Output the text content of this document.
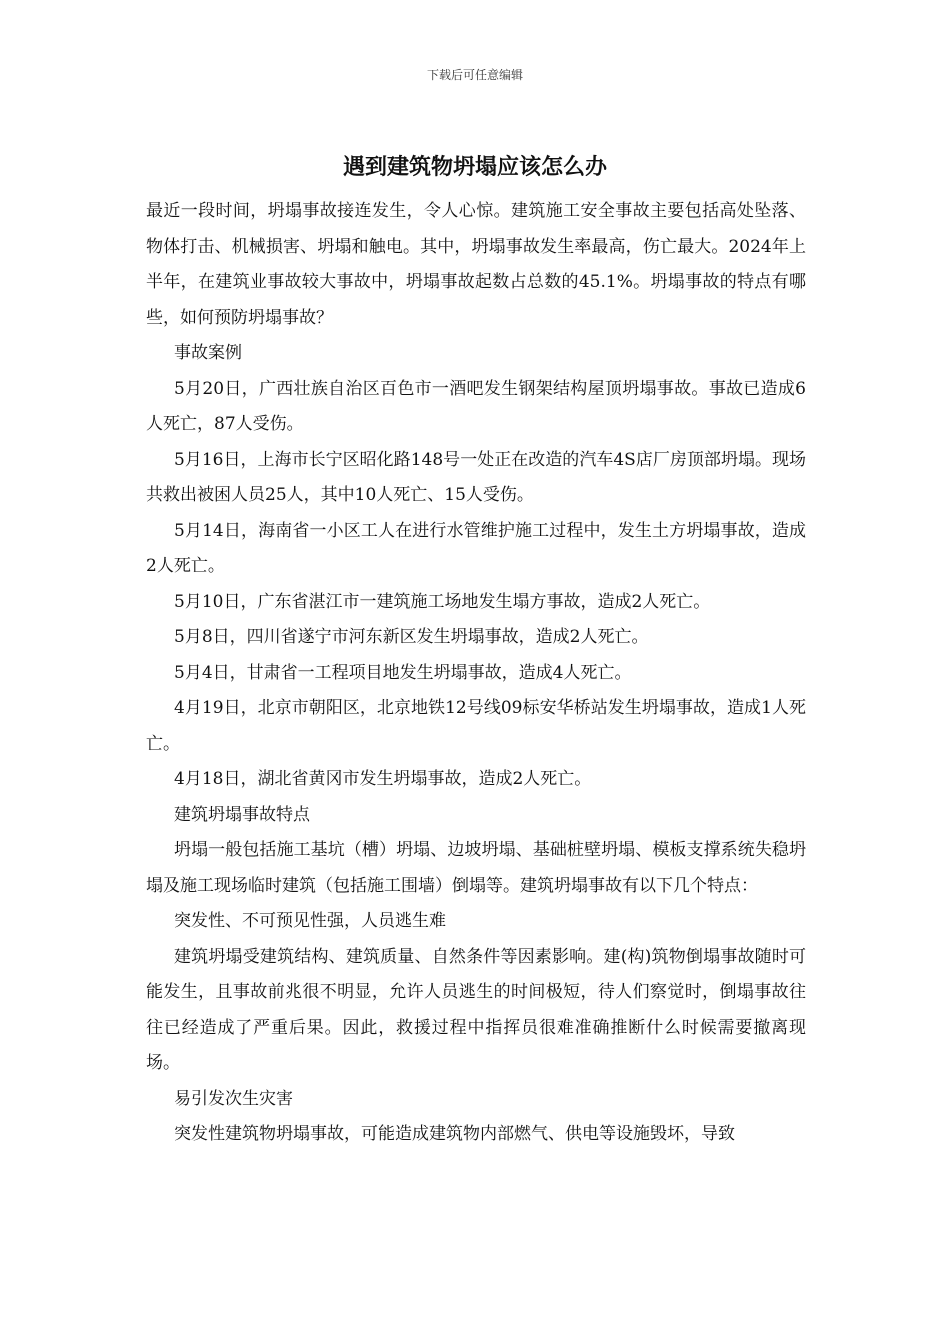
下载后可任意编辑
遇到建筑物坍塌应该怎么办

最近一段时间，坍塌事故接连发生，令人心惊。建筑施工安全事故主要包括高处坠落、物体打击、机械损害、坍塌和触电。其中，坍塌事故发生率最高，伤亡最大。2024年上半年，在建筑业事故较大事故中，坍塌事故起数占总数的45.1%。坍塌事故的特点有哪些，如何预防坍塌事故？

事故案例

5月20日，广西壮族自治区百色市一酒吧发生钢架结构屋顶坍塌事故。事故已造成6人死亡，87人受伤。

5月16日，上海市长宁区昭化路148号一处正在改造的汽车4S店厂房顶部坍塌。现场共救出被困人员25人，其中10人死亡、15人受伤。

5月14日，海南省一小区工人在进行水管维护施工过程中，发生土方坍塌事故，造成2人死亡。

5月10日，广东省湛江市一建筑施工场地发生塌方事故，造成2人死亡。

5月8日，四川省遂宁市河东新区发生坍塌事故，造成2人死亡。

5月4日，甘肃省一工程项目地发生坍塌事故，造成4人死亡。

4月19日，北京市朝阳区，北京地铁12号线09标安华桥站发生坍塌事故，造成1人死亡。

4月18日，湖北省黄冈市发生坍塌事故，造成2人死亡。

建筑坍塌事故特点

坍塌一般包括施工基坑（槽）坍塌、边坡坍塌、基础桩壁坍塌、模板支撑系统失稳坍塌及施工现场临时建筑（包括施工围墙）倒塌等。建筑坍塌事故有以下几个特点：

突发性、不可预见性强，人员逃生难

建筑坍塌受建筑结构、建筑质量、自然条件等因素影响。建(构)筑物倒塌事故随时可能发生，且事故前兆很不明显，允许人员逃生的时间极短，待人们察觉时，倒塌事故往往已经造成了严重后果。因此，救援过程中指挥员很难准确推断什么时候需要撤离现场。

易引发次生灾害

突发性建筑物坍塌事故，可能造成建筑物内部燃气、供电等设施毁坏，导致
